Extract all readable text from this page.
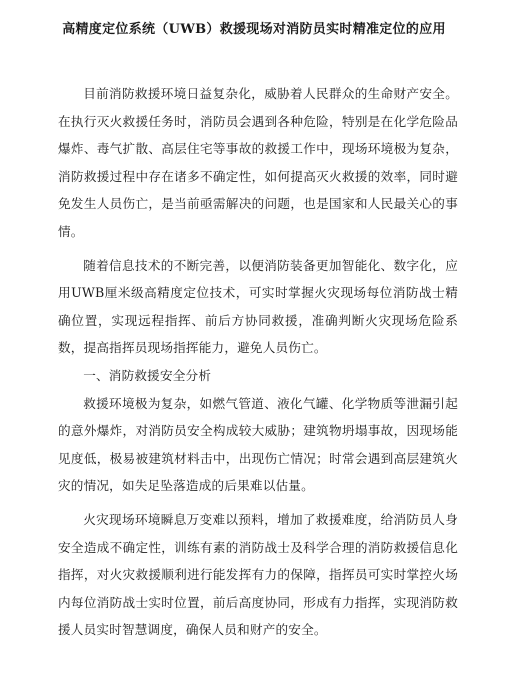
高精度定位系统（UWB）救援现场对消防员实时精准定位的应用

目前消防救援环境日益复杂化，威胁着人民群众的生命财产安全。在执行灭火救援任务时，消防员会遇到各种危险，特别是在化学危险品爆炸、毒气扩散、高层住宅等事故的救援工作中，现场环境极为复杂，消防救援过程中存在诸多不确定性，如何提高灭火救援的效率，同时避免发生人员伤亡，是当前亟需解决的问题，也是国家和人民最关心的事情。

随着信息技术的不断完善，以便消防装备更加智能化、数字化，应用UWB厘米级高精度定位技术，可实时掌握火灾现场每位消防战士精确位置，实现远程指挥、前后方协同救援，准确判断火灾现场危险系数，提高指挥员现场指挥能力，避免人员伤亡。

一、消防救援安全分析

救援环境极为复杂，如燃气管道、液化气罐、化学物质等泄漏引起的意外爆炸，对消防员安全构成较大威胁；建筑物坍塌事故，因现场能见度低，极易被建筑材料击中，出现伤亡情况；时常会遇到高层建筑火灾的情况，如失足坠落造成的后果难以估量。

火灾现场环境瞬息万变难以预料，增加了救援难度，给消防员人身安全造成不确定性，训练有素的消防战士及科学合理的消防救援信息化指挥，对火灾救援顺利进行能发挥有力的保障，指挥员可实时掌控火场内每位消防战士实时位置，前后高度协同，形成有力指挥，实现消防救援人员实时智慧调度，确保人员和财产的安全。
